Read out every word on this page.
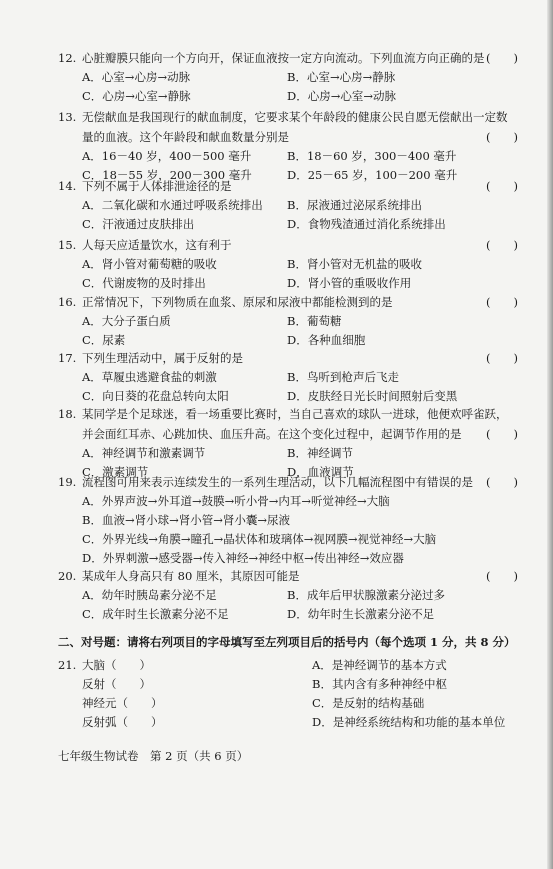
12. 心脏瓣膜只能向一个方向开，保证血液按一定方向流动。下列血流方向正确的是 (　　)
A．心室→心房→动脉	B．心室→心房→静脉
C．心房→心室→静脉	D．心房→心室→动脉
13. 无偿献血是我国现行的献血制度，它要求某个年龄段的健康公民自愿无偿献出一定数量的血液。这个年龄段和献血数量分别是	(　　)
A．16－40 岁，400－500 毫升	B．18－60 岁，300－400 毫升
C．18－55 岁，200－300 毫升	D．25－65 岁，100－200 毫升
14. 下列不属于人体排泄途径的是	(　　)
A．二氧化碳和水通过呼吸系统排出	B．尿液通过泌尿系统排出
C．汗液通过皮肤排出	D．食物残渣通过消化系统排出
15. 人每天应适量饮水，这有利于	(　　)
A．肾小管对葡萄糖的吸收	B．肾小管对无机盐的吸收
C．代谢废物的及时排出	D．肾小管的重吸收作用
16. 正常情况下，下列物质在血浆、原尿和尿液中都能检测到的是	(　　)
A．大分子蛋白质	B．葡萄糖
C．尿素	D．各种血细胞
17. 下列生理活动中，属于反射的是	(　　)
A．草履虫逃避食盐的刺激	B．鸟听到枪声后飞走
C．向日葵的花盘总转向太阳	D．皮肤经日光长时间照射后变黑
18. 某同学是个足球迷，看一场重要比赛时，当自己喜欢的球队一进球，他便欢呼雀跃，并会面红耳赤、心跳加快、血压升高。在这个变化过程中，起调节作用的是 (　　)
A．神经调节和激素调节	B．神经调节
C．激素调节	D．血液调节
19. 流程图可用来表示连续发生的一系列生理活动，以下几幅流程图中有错误的是 (　　)
A．外界声波→外耳道→鼓膜→听小骨→内耳→听觉神经→大脑
B．血液→肾小球→肾小管→肾小囊→尿液
C．外界光线→角膜→瞳孔→晶状体和玻璃体→视网膜→视觉神经→大脑
D．外界刺激→感受器→传入神经→神经中枢→传出神经→效应器
20. 某成年人身高只有 80 厘米，其原因可能是	(　　)
A．幼年时胰岛素分泌不足	B．成年后甲状腺激素分泌过多
C．成年时生长激素分泌不足	D．幼年时生长激素分泌不足
二、对号题：请将右列项目的字母填写至左列项目后的括号内（每个选项 1 分，共 8 分）
21. 大脑（　　）	A．是神经调节的基本方式
反射（　　）	B．其内含有多种神经中枢
神经元（　　）	C．是反射的结构基础
反射弧（　　）	D．是神经系统结构和功能的基本单位
七年级生物试卷　第 2 页（共 6 页）
